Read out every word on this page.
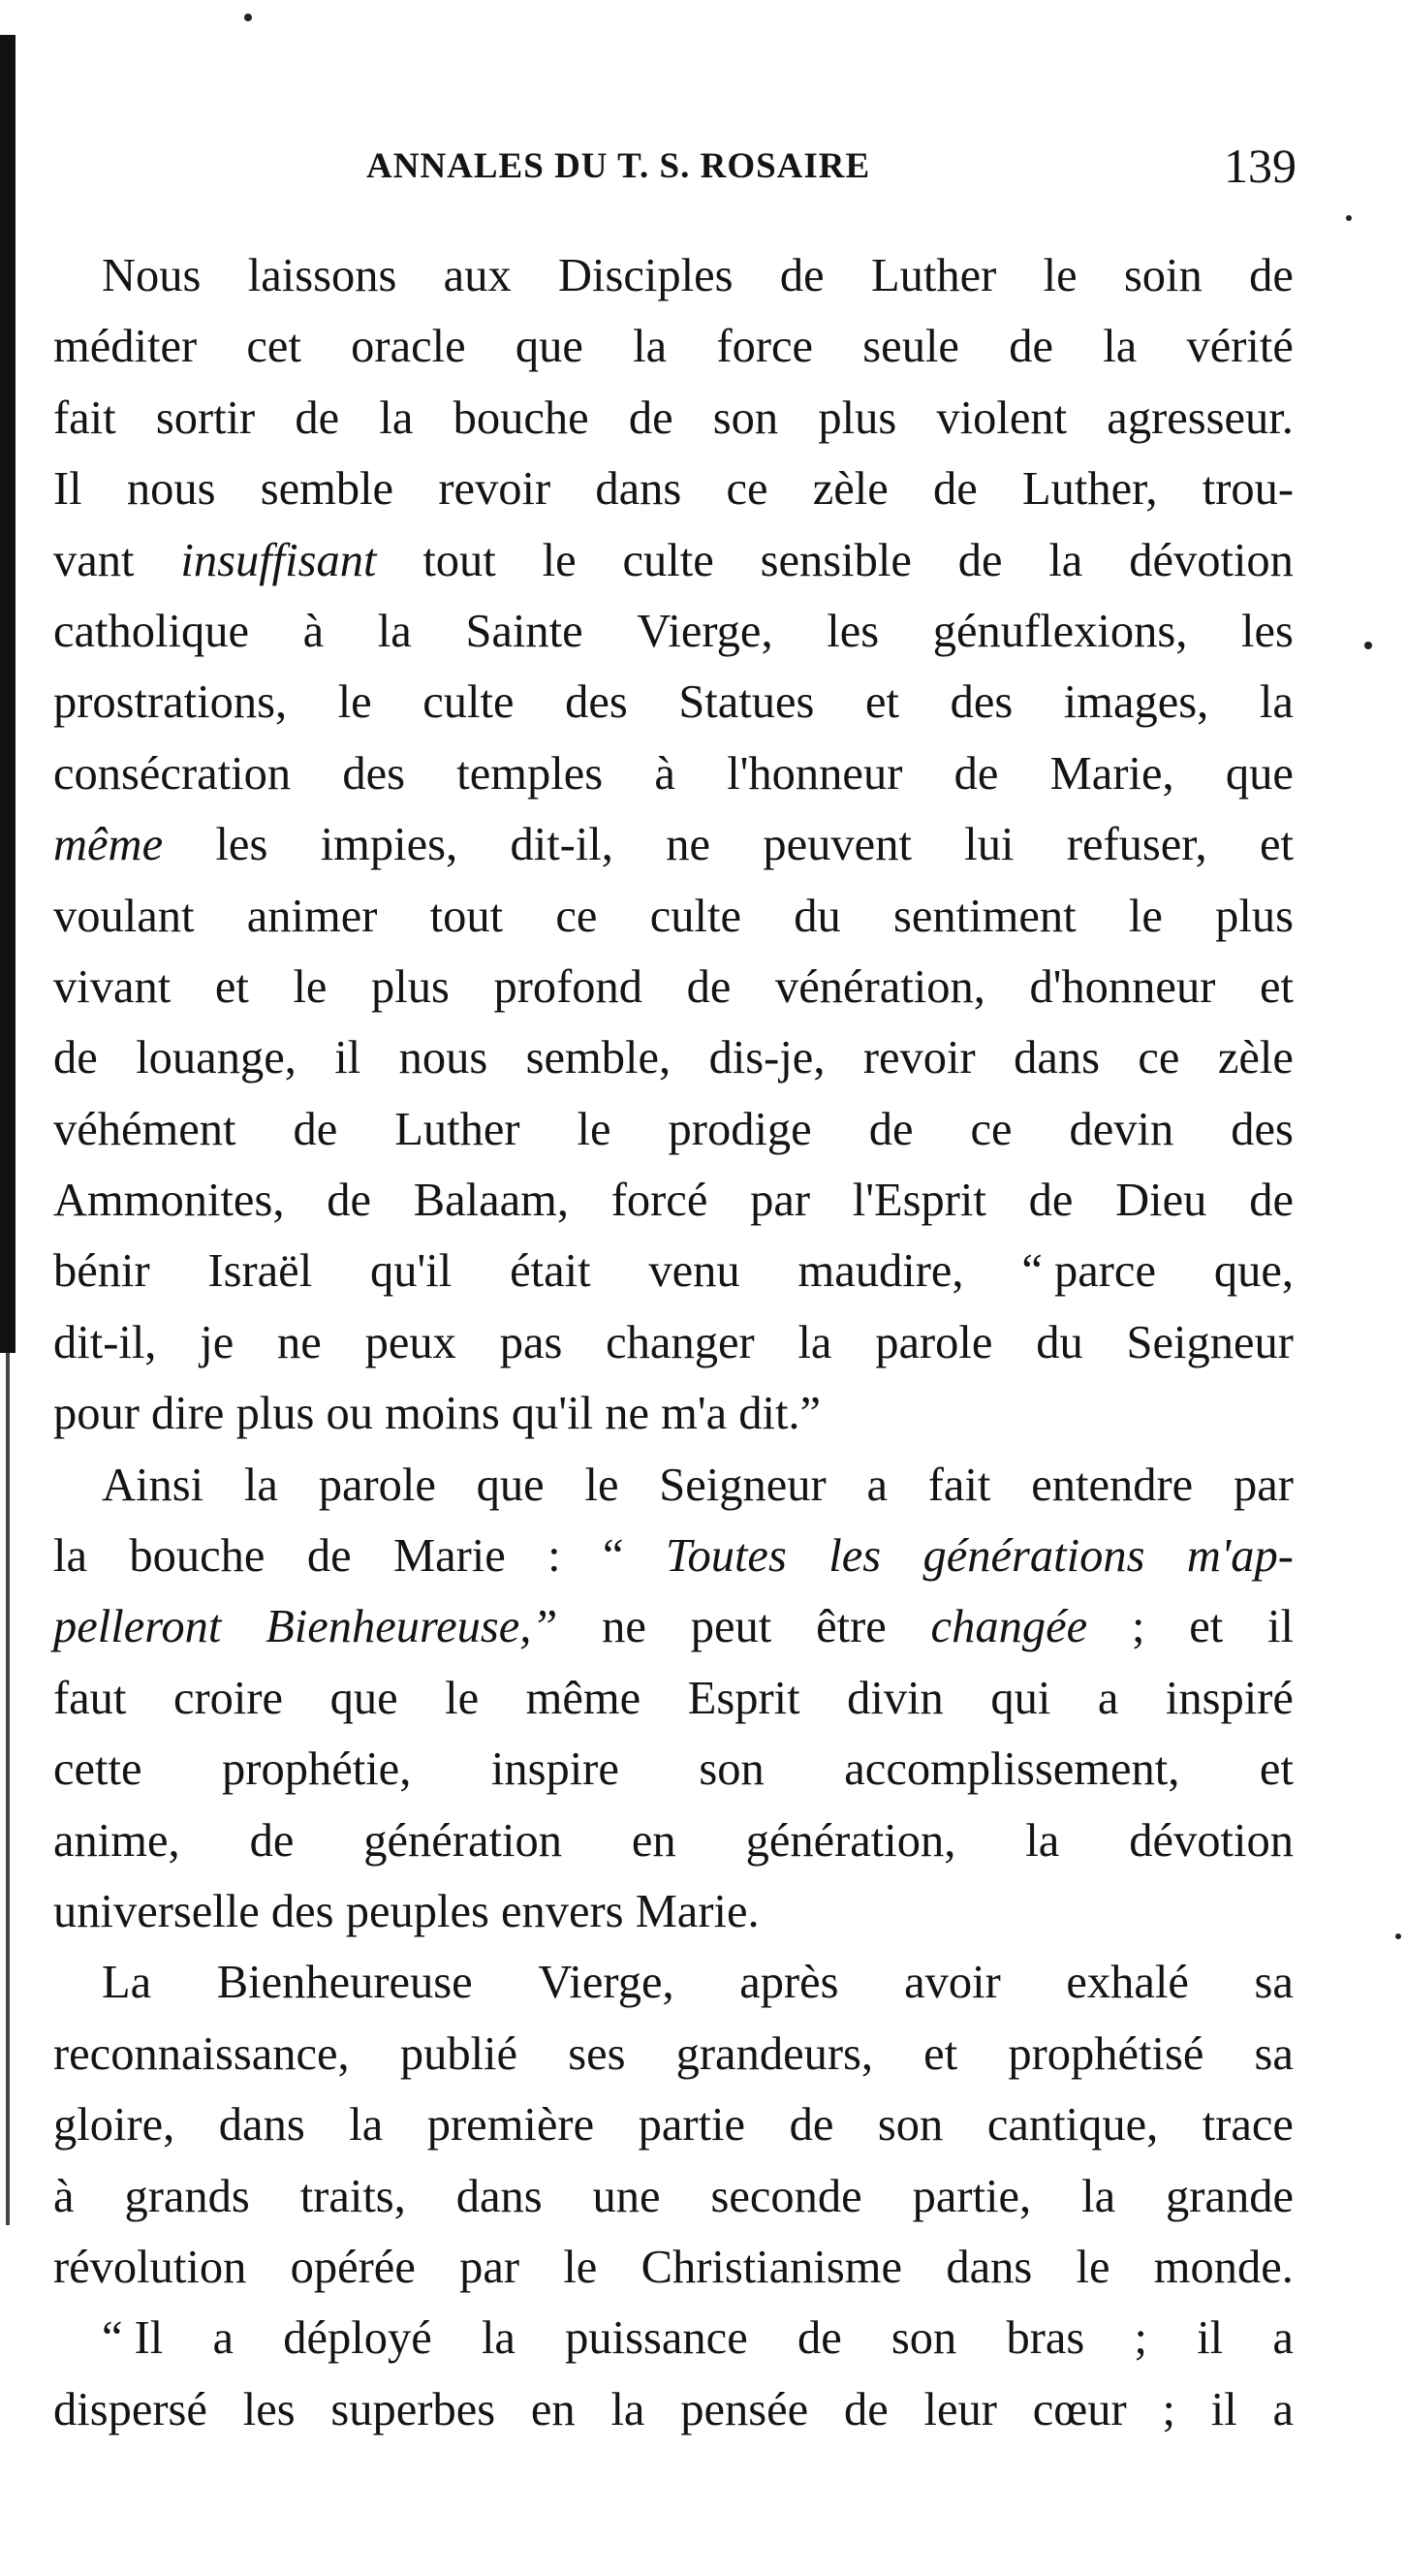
ANNALES DU T. S. ROSAIRE	139
Nous laissons aux Disciples de Luther le soin de
méditer cet oracle que la force seule de la vérité
fait sortir de la bouche de son plus violent agresseur.
Il nous semble revoir dans ce zèle de Luther, trou-
vant insuffisant tout le culte sensible de la dévotion
catholique à la Sainte Vierge, les génuflexions, les
prostrations, le culte des Statues et des images, la
consécration des temples à l'honneur de Marie, que
même les impies, dit-il, ne peuvent lui refuser, et
voulant animer tout ce culte du sentiment le plus
vivant et le plus profond de vénération, d'honneur et
de louange, il nous semble, dis-je, revoir dans ce zèle
véhément de Luther le prodige de ce devin des
Ammonites, de Balaam, forcé par l'Esprit de Dieu de
bénir Israël qu'il était venu maudire, “ parce que,
dit-il, je ne peux pas changer la parole du Seigneur
pour dire plus ou moins qu'il ne m'a dit.”
Ainsi la parole que le Seigneur a fait entendre par
la bouche de Marie : “ Toutes les générations m'ap-
pelleront Bienheureuse,” ne peut être changée ; et il
faut croire que le même Esprit divin qui a inspiré
cette prophétie, inspire son accomplissement, et
anime, de génération en génération, la dévotion
universelle des peuples envers Marie.
La Bienheureuse Vierge, après avoir exhalé sa
reconnaissance, publié ses grandeurs, et prophétisé sa
gloire, dans la première partie de son cantique, trace
à grands traits, dans une seconde partie, la grande
révolution opérée par le Christianisme dans le monde.
“ Il a déployé la puissance de son bras ; il a
dispersé les superbes en la pensée de leur cœur ; il a
